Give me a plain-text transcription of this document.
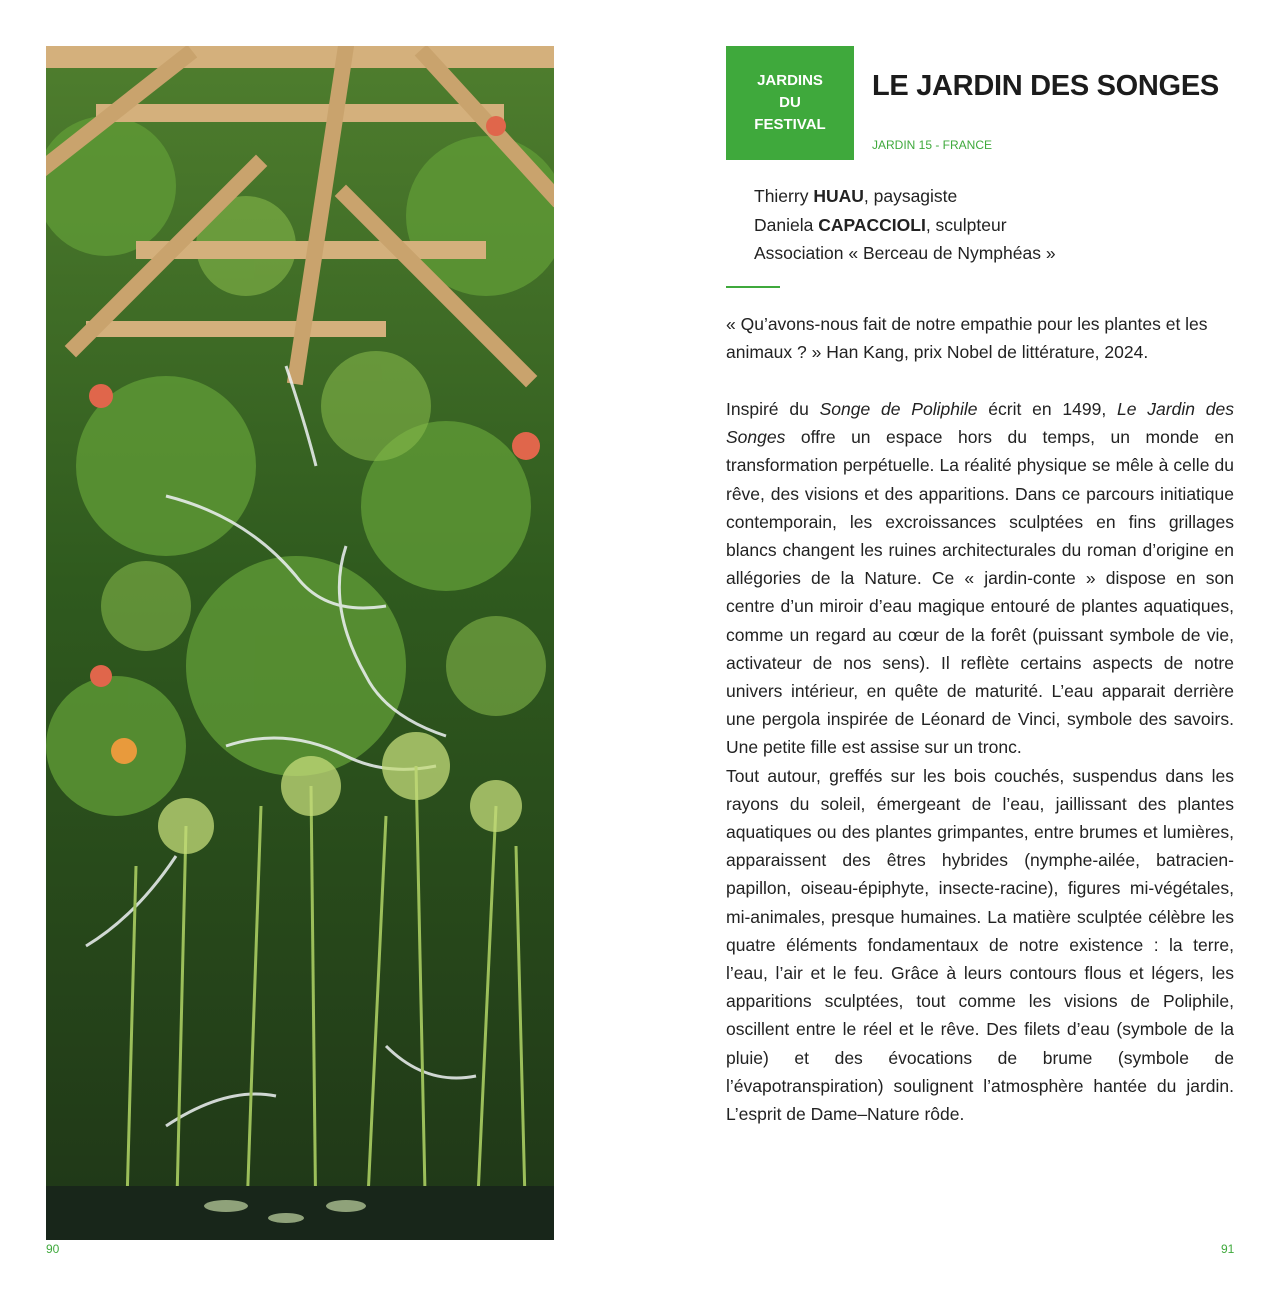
JARDINS
DU
FESTIVAL
LE JARDIN DES SONGES
JARDIN 15 - FRANCE
Thierry HUAU, paysagiste
Daniela CAPACCIOLI, sculpteur
Association « Berceau de Nymphéas »
« Qu’avons-nous fait de notre empathie pour les plantes et les animaux ? » Han Kang, prix Nobel de littérature, 2024.

Inspiré du Songe de Poliphile écrit en 1499, Le Jardin des Songes offre un espace hors du temps, un monde en transformation perpétuelle. La réalité physique se mêle à celle du rêve, des visions et des apparitions. Dans ce parcours initiatique contemporain, les excroissances sculptées en fins grillages blancs changent les ruines architecturales du roman d’origine en allégories de la Nature. Ce « jardin-conte » dispose en son centre d’un miroir d’eau magique entouré de plantes aquatiques, comme un regard au cœur de la forêt (puissant symbole de vie, activateur de nos sens). Il reflète certains aspects de notre univers intérieur, en quête de maturité. L’eau apparait derrière une pergola inspirée de Léonard de Vinci, symbole des savoirs. Une petite fille est assise sur un tronc.

Tout autour, greffés sur les bois couchés, suspendus dans les rayons du soleil, émergeant de l’eau, jaillissant des plantes aquatiques ou des plantes grimpantes, entre brumes et lumières, apparaissent des êtres hybrides (nymphe-ailée, batracien-papillon, oiseau-épiphyte, insecte-racine), figures mi-végétales, mi-animales, presque humaines. La matière sculptée célèbre les quatre éléments fondamentaux de notre existence : la terre, l’eau, l’air et le feu. Grâce à leurs contours flous et légers, les apparitions sculptées, tout comme les visions de Poliphile, oscillent entre le réel et le rêve. Des filets d’eau (symbole de la pluie) et des évocations de brume (symbole de l’évapotranspiration) soulignent l’atmosphère hantée du jardin. L’esprit de Dame–Nature rôde.

90	91
